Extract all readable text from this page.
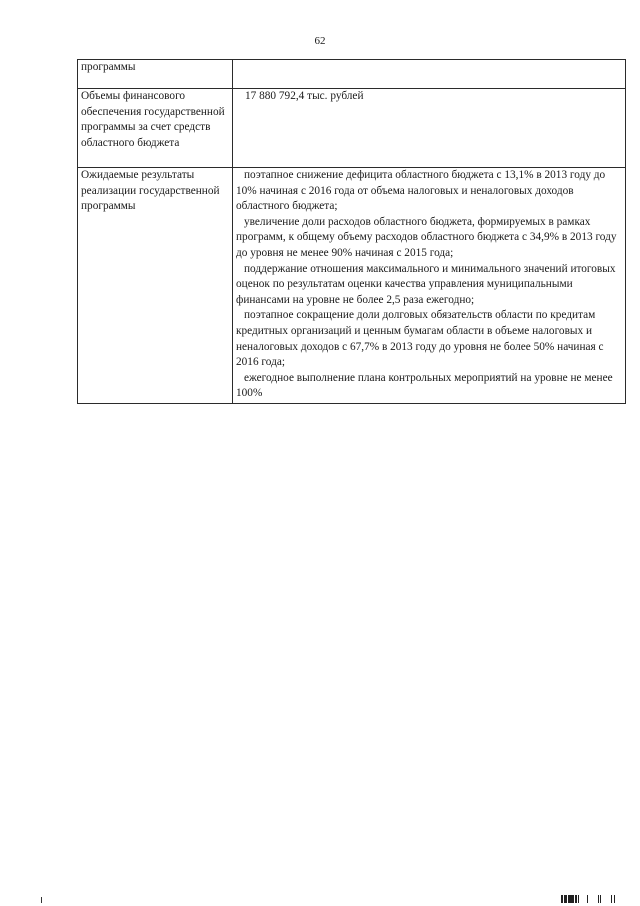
62
программы	
Объемы финансового обеспечения государственной программы за счет средств областного бюджета	17 880 792,4 тыс. рублей

Ожидаемые результаты реализации государственной программы	поэтапное снижение дефицита областного бюджета с 13,1% в 2013 году до 10% начиная с 2016 года от объема налоговых и неналоговых доходов областного бюджета;

увеличение доли расходов областного бюджета, формируемых в рамках программ, к общему объему расходов областного бюджета с 34,9% в 2013 году до уровня не менее 90% начиная с 2015 года;

поддержание отношения максимального и минимального значений итоговых оценок по результатам оценки качества управления муниципальными финансами на уровне не более 2,5 раза ежегодно;

поэтапное сокращение доли долговых обязательств области по кредитам кредитных организаций и ценным бумагам области в объеме налоговых и неналоговых доходов с 67,7% в 2013 году до уровня не более 50% начиная с 2016 года;

ежегодное выполнение плана контрольных мероприятий на уровне не менее 100%
